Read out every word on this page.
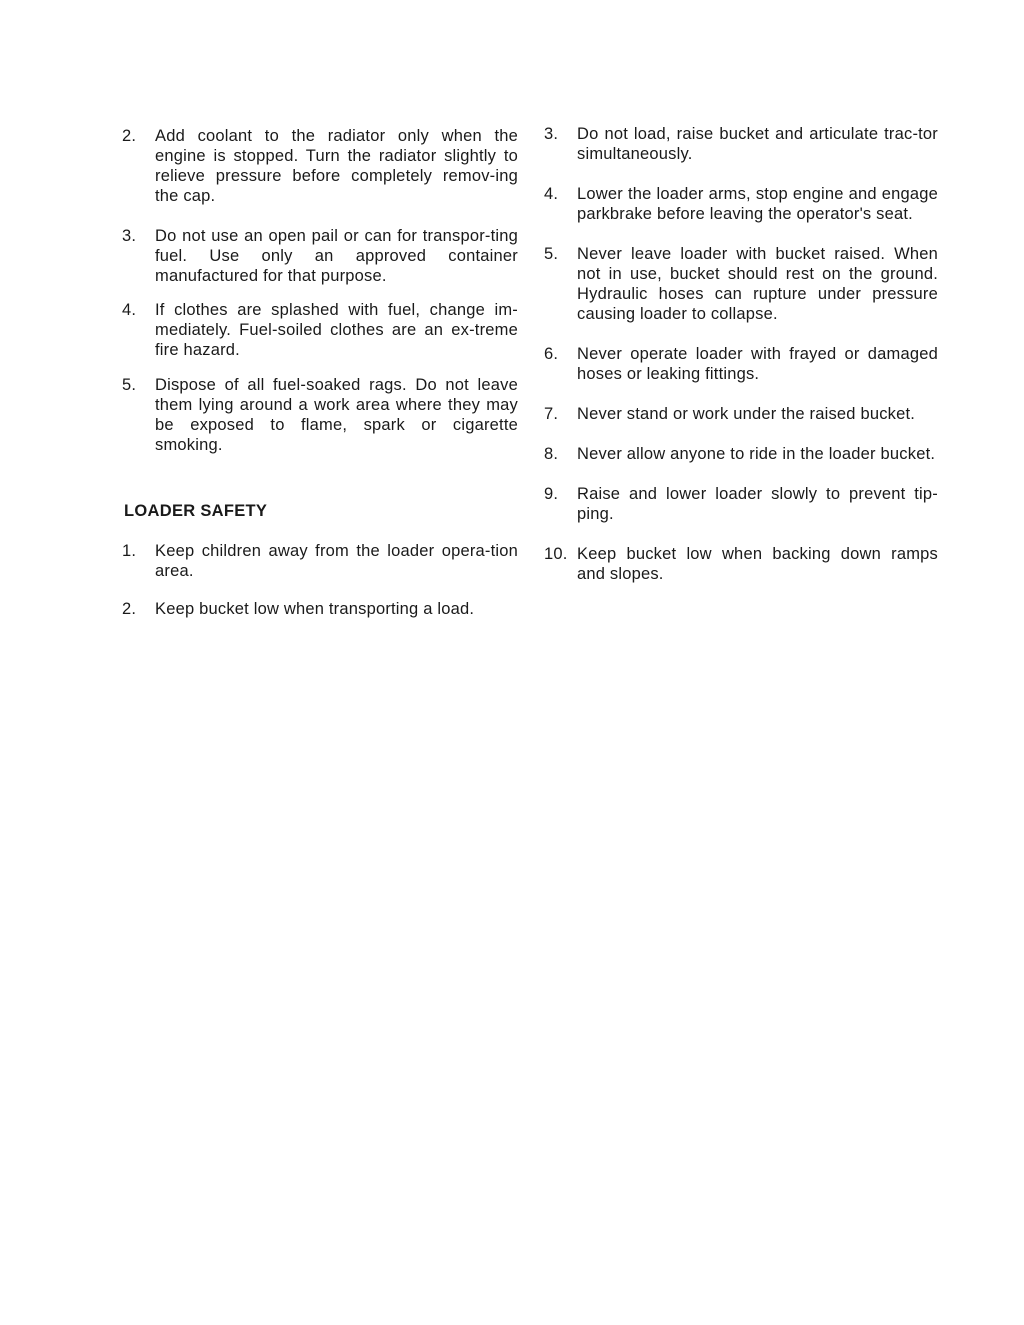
2.	Add coolant to the radiator only when the engine is stopped. Turn the radiator slightly to relieve pressure before completely remov-ing the cap.
3.	Do not use an open pail or can for transpor-ting fuel. Use only an approved container manufactured for that purpose.
4.	If clothes are splashed with fuel, change im-mediately. Fuel-soiled clothes are an ex-treme fire hazard.
5.	Dispose of all fuel-soaked rags. Do not leave them lying around a work area where they may be exposed to flame, spark or cigarette smoking.
LOADER SAFETY
1.	Keep children away from the loader opera-tion area.
2.	Keep bucket low when transporting a load.
3.	Do not load, raise bucket and articulate trac-tor simultaneously.
4.	Lower the loader arms, stop engine and engage parkbrake before leaving the operator's seat.
5.	Never leave loader with bucket raised. When not in use, bucket should rest on the ground. Hydraulic hoses can rupture under pressure causing loader to collapse.
6.	Never operate loader with frayed or damaged hoses or leaking fittings.
7.	Never stand or work under the raised bucket.
8.	Never allow anyone to ride in the loader bucket.
9.	Raise and lower loader slowly to prevent tip-ping.
10. Keep bucket low when backing down ramps and slopes.
